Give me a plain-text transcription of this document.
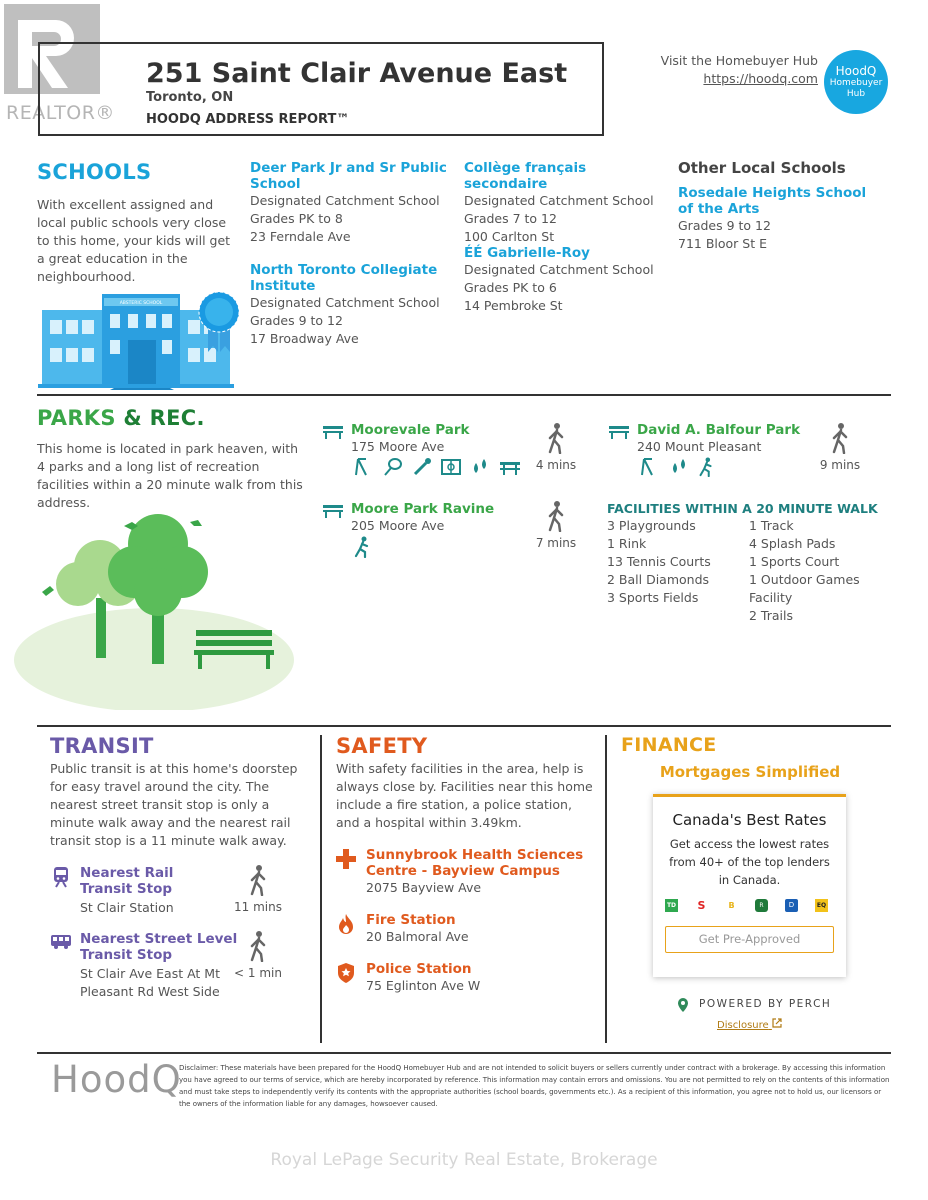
REALTOR®
251 Saint Clair Avenue East
Toronto, ON
HOODQ ADDRESS REPORT™
Visit the Homebuyer Hub
https://hoodq.com	HoodQ
Homebuyer
Hub
SCHOOLS
With excellent assigned and local public schools very close to this home, your kids will get a great education in the neighbourhood.
ABSTERIC SCHOOL
Deer Park Jr and Sr Public School
Designated Catchment School
Grades PK to 8
23 Ferndale Ave
North Toronto Collegiate Institute
Designated Catchment School
Grades 9 to 12
17 Broadway Ave
Collège français secondaire
Designated Catchment School
Grades 7 to 12
100 Carlton St
ÉÉ Gabrielle-Roy
Designated Catchment School
Grades PK to 6
14 Pembroke St
Other Local Schools
Rosedale Heights School of the Arts
Grades 9 to 12
711 Bloor St E
PARKS & REC.
This home is located in park heaven, with 4 parks and a long list of recreation facilities within a 20 minute walk from this address.
Moorevale Park
175 Moore Ave

4 mins
Moore Park Ravine
205 Moore Ave
7 mins
David A. Balfour Park
240 Mount Pleasant

9 mins
FACILITIES WITHIN A 20 MINUTE WALK
3 Playgrounds
1 Rink
13 Tennis Courts
2 Ball Diamonds
3 Sports Fields
1 Track
4 Splash Pads
1 Sports Court
1 Outdoor Games Facility
2 Trails
TRANSIT
Public transit is at this home's doorstep for easy travel around the city. The nearest street transit stop is only a minute walk away and the nearest rail transit stop is a 11 minute walk away.
Nearest Rail Transit Stop
St Clair Station	11 mins
Nearest Street Level Transit Stop
St Clair Ave East At Mt Pleasant Rd West Side
< 1 min
SAFETY
With safety facilities in the area, help is always close by. Facilities near this home include a fire station, a police station, and a hospital within 3.49km.
Sunnybrook Health Sciences Centre - Bayview Campus
2075 Bayview Ave
Fire Station
20 Balmoral Ave
Police Station
75 Eglinton Ave W
FINANCE
Mortgages Simplified
Canada's Best Rates
Get access the lowest rates from 40+ of the top lenders in Canada.
TD S	B	R	D	EQ
Get Pre-Approved
POWERED BY PERCH
Disclosure
HoodQ
Disclaimer: These materials have been prepared for the HoodQ Homebuyer Hub and are not intended to solicit buyers or sellers currently under contract with a brokerage. By accessing this information you have agreed to our terms of service, which are hereby incorporated by reference. This information may contain errors and omissions. You are not permitted to rely on the contents of this information and must take steps to independently verify its contents with the appropriate authorities (school boards, governments etc.). As a recipient of this information, you agree not to hold us, our licensors or the owners of the information liable for any damages, howsoever caused.
Royal LePage Security Real Estate, Brokerage
